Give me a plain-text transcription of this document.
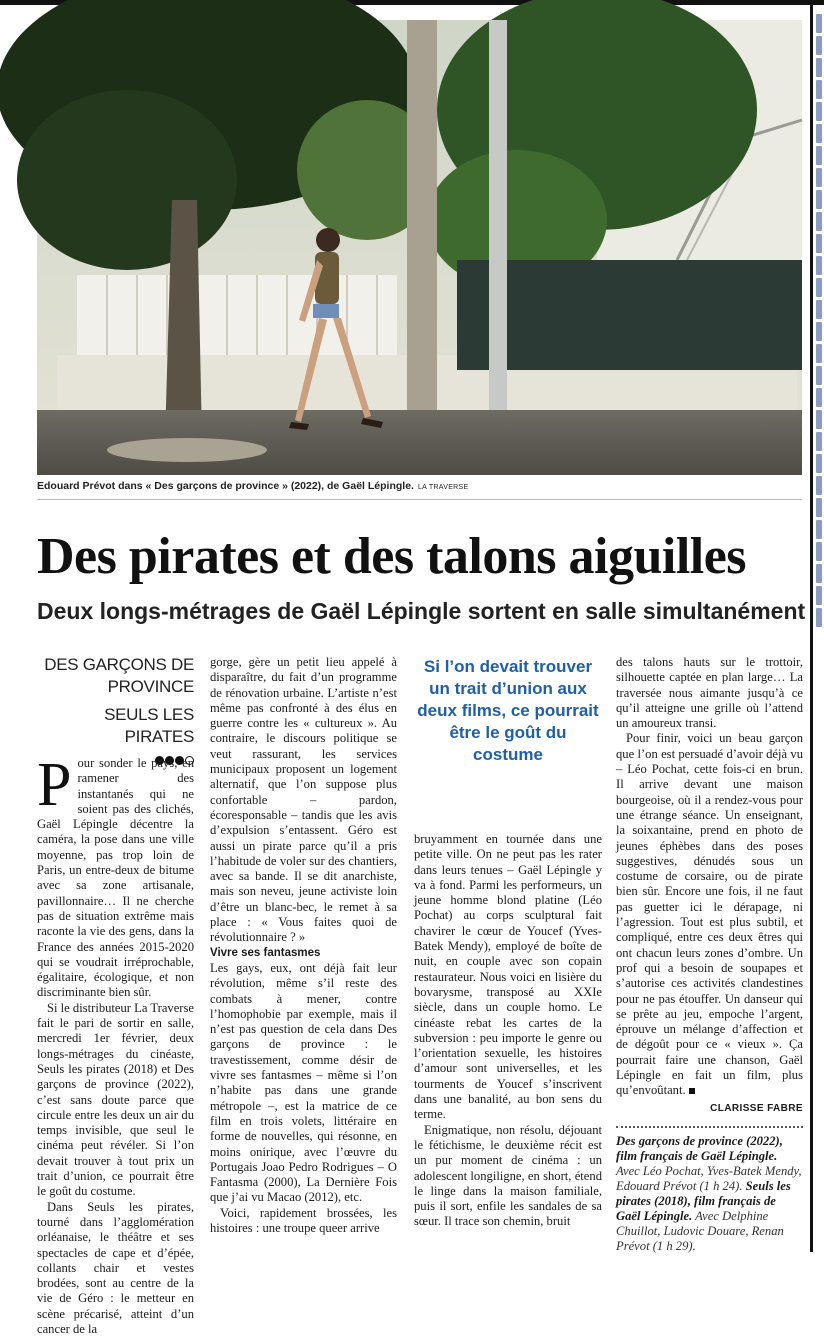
Edouard Prévot dans « Des garçons de province » (2022), de Gaël Lépingle. LA TRAVERSE
Des pirates et des talons aiguilles
Deux longs-métrages de Gaël Lépingle sortent en salle simultanément
DES GARÇONS DE PROVINCE
SEULS LES PIRATES

Pour sonder le pays, en ramener des instantanés qui ne soient pas des clichés, Gaël Lépingle décentre la caméra, la pose dans une ville moyenne, pas trop loin de Paris, un entre-deux de bitume avec sa zone artisanale, pavillonnaire… Il ne cherche pas de situation extrême mais raconte la vie des gens, dans la France des années 2015-2020 qui se voudrait irréprochable, égalitaire, écologique, et non discriminante bien sûr.

Si le distributeur La Traverse fait le pari de sortir en salle, mercredi 1er février, deux longs-métrages du cinéaste, Seuls les pirates (2018) et Des garçons de province (2022), c’est sans doute parce que circule entre les deux un air du temps invisible, que seul le cinéma peut révéler. Si l’on devait trouver à tout prix un trait d’union, ce pourrait être le goût du costume.

Dans Seuls les pirates, tourné dans l’agglomération orléanaise, le théâtre et ses spectacles de cape et d’épée, collants chair et vestes brodées, sont au centre de la vie de Géro : le metteur en scène précarisé, atteint d’un cancer de la

gorge, gère un petit lieu appelé à disparaître, du fait d’un programme de rénovation urbaine. L’artiste n’est même pas confronté à des élus en guerre contre les « cultureux ». Au contraire, le discours politique se veut rassurant, les services municipaux proposent un logement alternatif, que l’on suppose plus confortable – pardon, écoresponsable – tandis que les avis d’expulsion s’entassent. Géro est aussi un pirate parce qu’il a pris l’habitude de voler sur des chantiers, avec sa bande. Il se dit anarchiste, mais son neveu, jeune activiste loin d’être un blanc-bec, le remet à sa place : « Vous faites quoi de révolutionnaire ? »

Vivre ses fantasmes

Les gays, eux, ont déjà fait leur révolution, même s’il reste des combats à mener, contre l’homophobie par exemple, mais il n’est pas question de cela dans Des garçons de province : le travestissement, comme désir de vivre ses fantasmes – même si l’on n’habite pas dans une grande métropole –, est la matrice de ce film en trois volets, littéraire en forme de nouvelles, qui résonne, en moins onirique, avec l’œuvre du Portugais Joao Pedro Rodrigues – O Fantasma (2000), La Dernière Fois que j’ai vu Macao (2012), etc.

Voici, rapidement brossées, les histoires : une troupe queer arrive

Si l’on devait trouver un trait d’union aux deux films, ce pourrait être le goût du costume

bruyamment en tournée dans une petite ville. On ne peut pas les rater dans leurs tenues – Gaël Lépingle y va à fond. Parmi les performeurs, un jeune homme blond platine (Léo Pochat) au corps sculptural fait chavirer le cœur de Youcef (Yves-Batek Mendy), employé de boîte de nuit, en couple avec son copain restaurateur. Nous voici en lisière du bovarysme, transposé au XXIe siècle, dans un couple homo. Le cinéaste rebat les cartes de la subversion : peu importe le genre ou l’orientation sexuelle, les histoires d’amour sont universelles, et les tourments de Youcef s’inscrivent dans une banalité, au bon sens du terme.

Enigmatique, non résolu, déjouant le fétichisme, le deuxième récit est un pur moment de cinéma : un adolescent longiligne, en short, étend le linge dans la maison familiale, puis il sort, enfile les sandales de sa sœur. Il trace son chemin, bruit

des talons hauts sur le trottoir, silhouette captée en plan large… La traversée nous aimante jusqu’à ce qu’il atteigne une grille où l’attend un amoureux transi.

Pour finir, voici un beau garçon que l’on est persuadé d’avoir déjà vu – Léo Pochat, cette fois-ci en brun. Il arrive devant une maison bourgeoise, où il a rendez-vous pour une étrange séance. Un enseignant, la soixantaine, prend en photo de jeunes éphèbes dans des poses suggestives, dénudés sous un costume de corsaire, ou de pirate bien sûr. Encore une fois, il ne faut pas guetter ici le dérapage, ni l’agression. Tout est plus subtil, et compliqué, entre ces deux êtres qui ont chacun leurs zones d’ombre. Un prof qui a besoin de soupapes et s’autorise ces activités clandestines pour ne pas étouffer. Un danseur qui se prête au jeu, empoche l’argent, éprouve un mélange d’affection et de dégoût pour ce « vieux ». Ça pourrait faire une chanson, Gaël Lépingle en fait un film, plus qu’envoûtant.

CLARISSE FABRE
Des garçons de province (2022), film français de Gaël Lépingle. Avec Léo Pochat, Yves-Batek Mendy, Edouard Prévot (1 h 24). Seuls les pirates (2018), film français de Gaël Lépingle. Avec Delphine Chuillot, Ludovic Douare, Renan Prévot (1 h 29).
